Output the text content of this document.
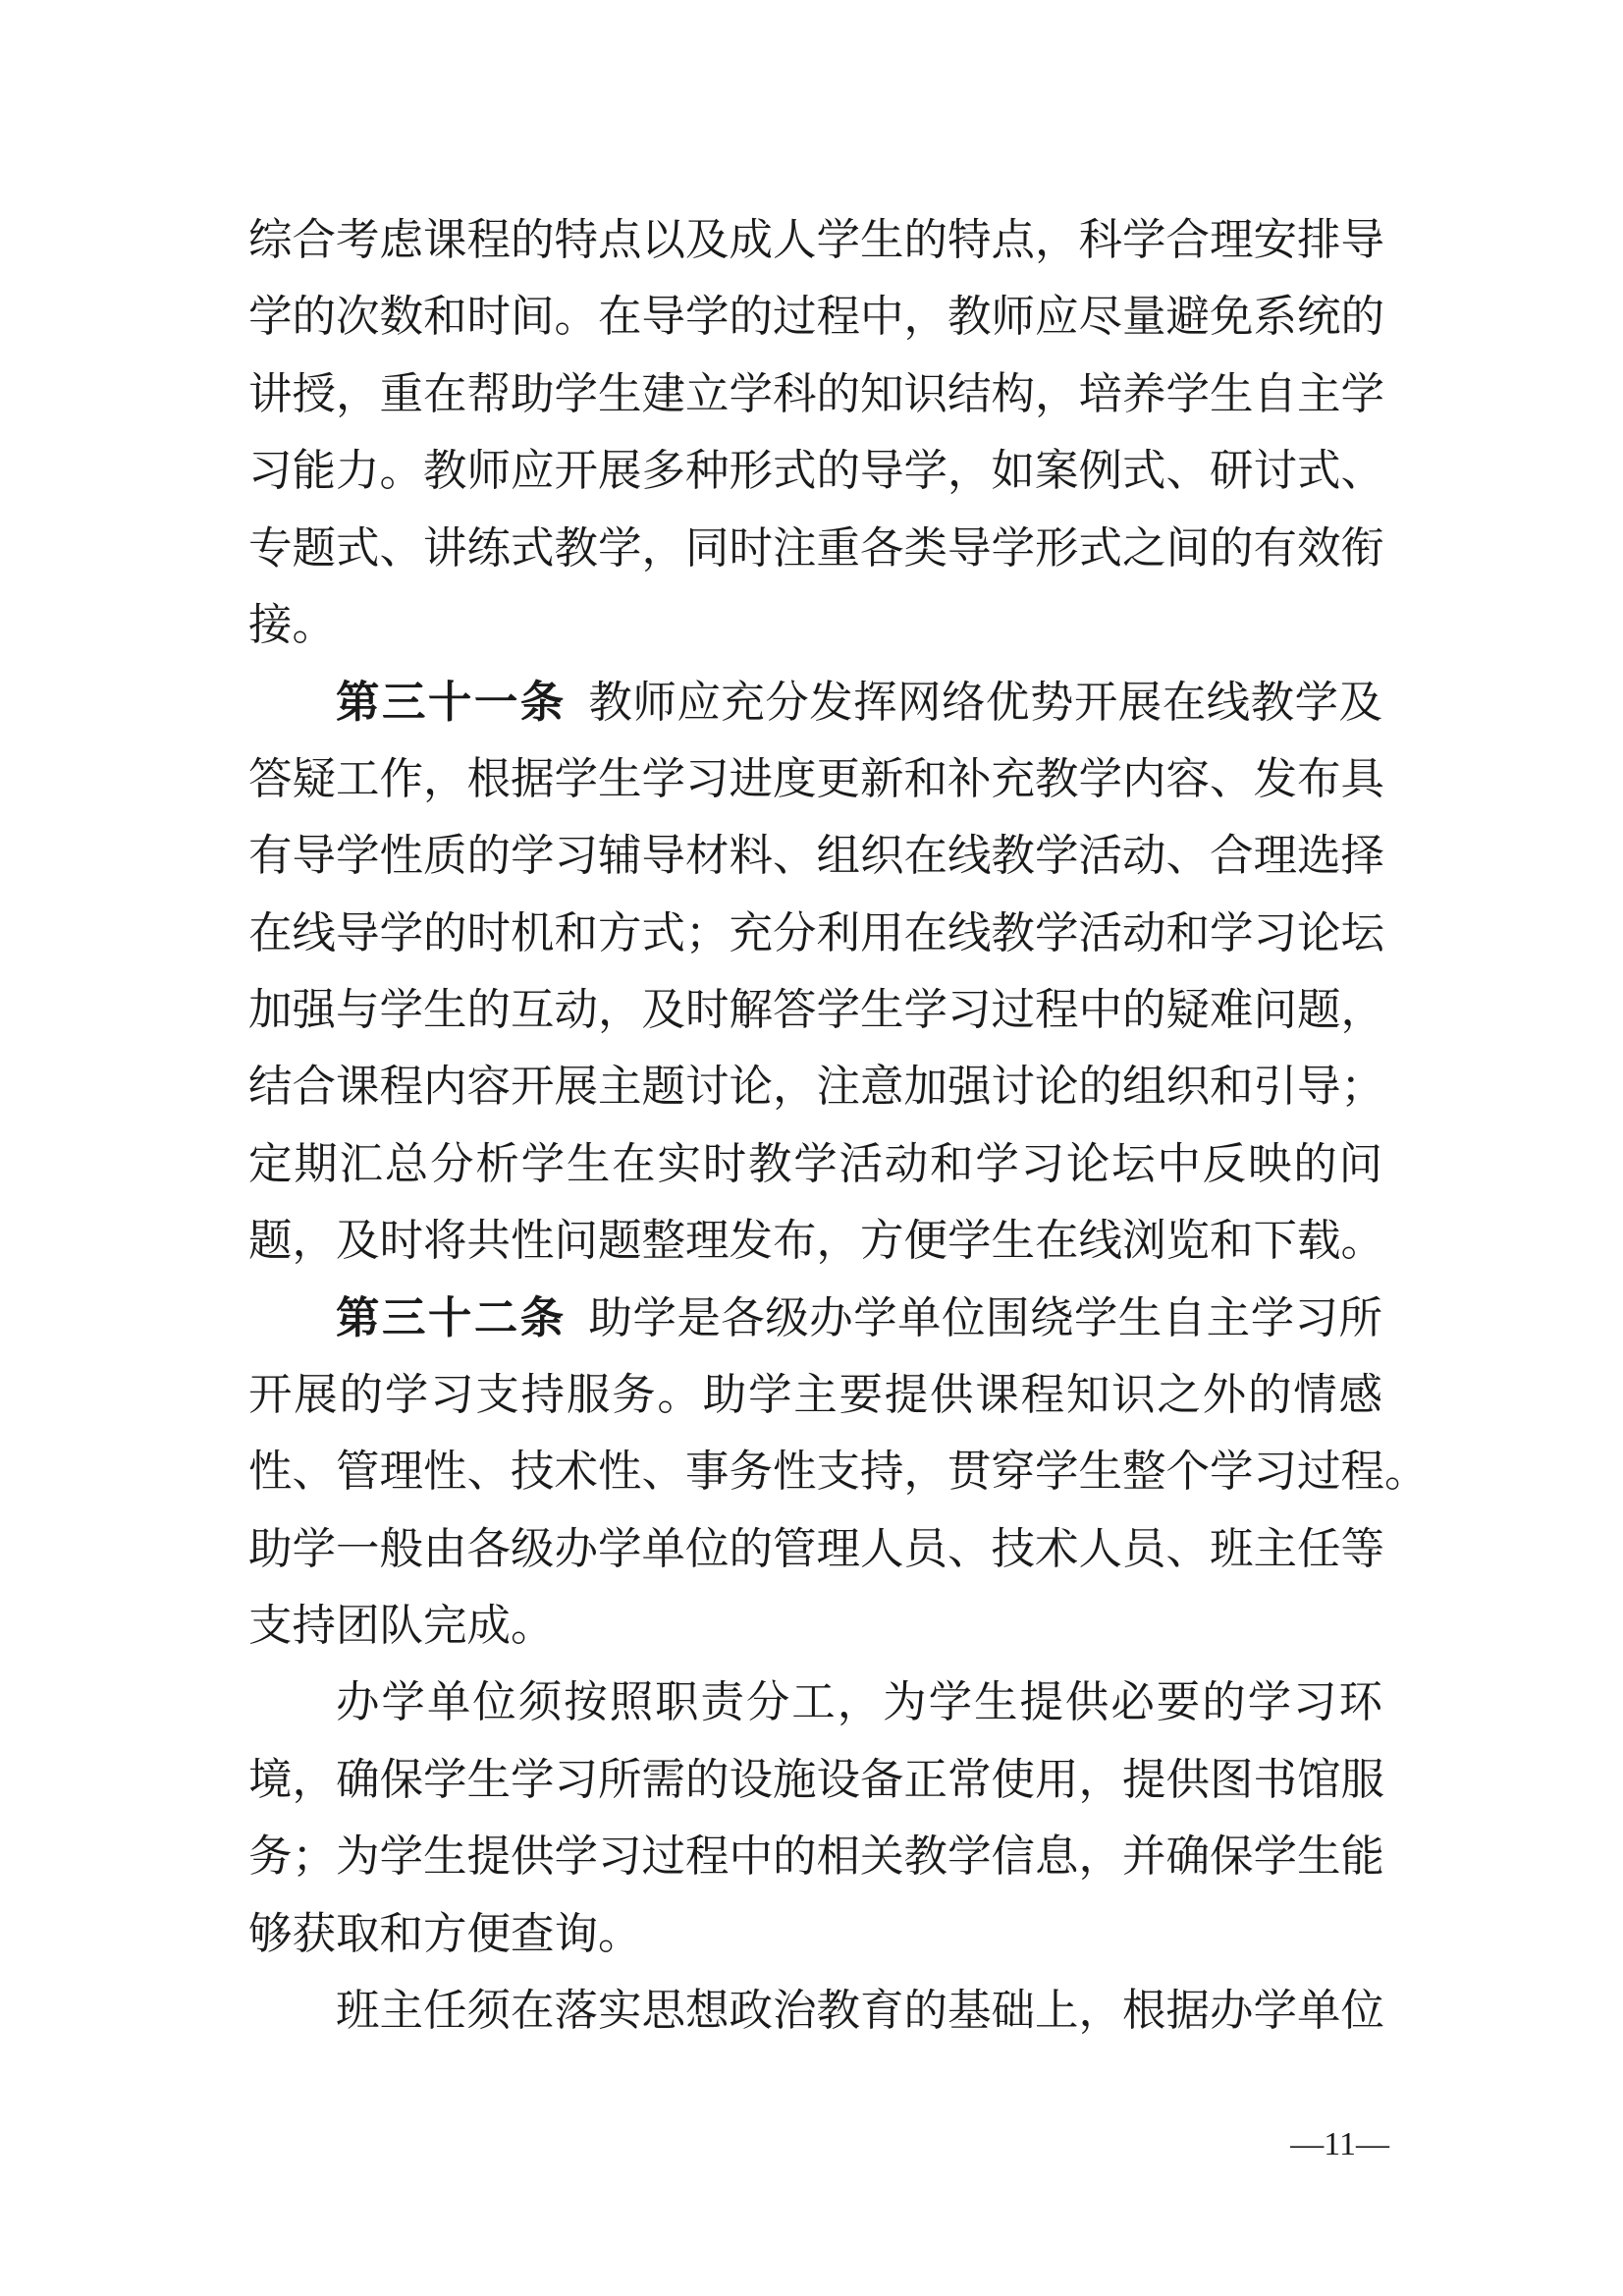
综合考虑课程的特点以及成人学生的特点，科学合理安排导
学的次数和时间。在导学的过程中，教师应尽量避免系统的
讲授，重在帮助学生建立学科的知识结构，培养学生自主学
习能力。教师应开展多种形式的导学，如案例式、研讨式、
专题式、讲练式教学，同时注重各类导学形式之间的有效衔
接。
第三十一条  教师应充分发挥网络优势开展在线教学及
答疑工作，根据学生学习进度更新和补充教学内容、发布具
有导学性质的学习辅导材料、组织在线教学活动、合理选择
在线导学的时机和方式；充分利用在线教学活动和学习论坛
加强与学生的互动，及时解答学生学习过程中的疑难问题，
结合课程内容开展主题讨论，注意加强讨论的组织和引导；
定期汇总分析学生在实时教学活动和学习论坛中反映的问
题，及时将共性问题整理发布，方便学生在线浏览和下载。
第三十二条  助学是各级办学单位围绕学生自主学习所
开展的学习支持服务。助学主要提供课程知识之外的情感
性、管理性、技术性、事务性支持，贯穿学生整个学习过程。
助学一般由各级办学单位的管理人员、技术人员、班主任等
支持团队完成。
办学单位须按照职责分工，为学生提供必要的学习环
境，确保学生学习所需的设施设备正常使用，提供图书馆服
务；为学生提供学习过程中的相关教学信息，并确保学生能
够获取和方便查询。
班主任须在落实思想政治教育的基础上，根据办学单位
—11—
